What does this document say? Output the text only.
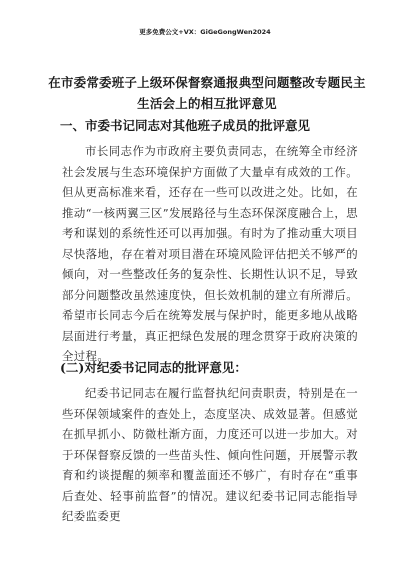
更多免费公文+VX：GiGeGongWen2024
在市委常委班子上级环保督察通报典型问题整改专题民主生活会上的相互批评意见
一、市委书记同志对其他班子成员的批评意见
市长同志作为市政府主要负责同志，在统筹全市经济社会发展与生态环境保护方面做了大量卓有成效的工作。但从更高标准来看，还存在一些可以改进之处。比如，在推动“一核两翼三区”发展路径与生态环保深度融合上，思考和谋划的系统性还可以再加强。有时为了推动重大项目尽快落地，存在着对项目潜在环境风险评估把关不够严的倾向，对一些整改任务的复杂性、长期性认识不足，导致部分问题整改虽然速度快，但长效机制的建立有所滞后。希望市长同志今后在统筹发展与保护时，能更多地从战略层面进行考量，真正把绿色发展的理念贯穿于政府决策的全过程。
(二)对纪委书记同志的批评意见：
纪委书记同志在履行监督执纪问责职责，特别是在一些环保领域案件的查处上，态度坚决、成效显著。但感觉在抓早抓小、防微杜渐方面，力度还可以进一步加大。对于环保督察反馈的一些苗头性、倾向性问题，开展警示教育和约谈提醒的频率和覆盖面还不够广，有时存在“重事后查处、轻事前监督”的情况。建议纪委书记同志能指导纪委监委更
